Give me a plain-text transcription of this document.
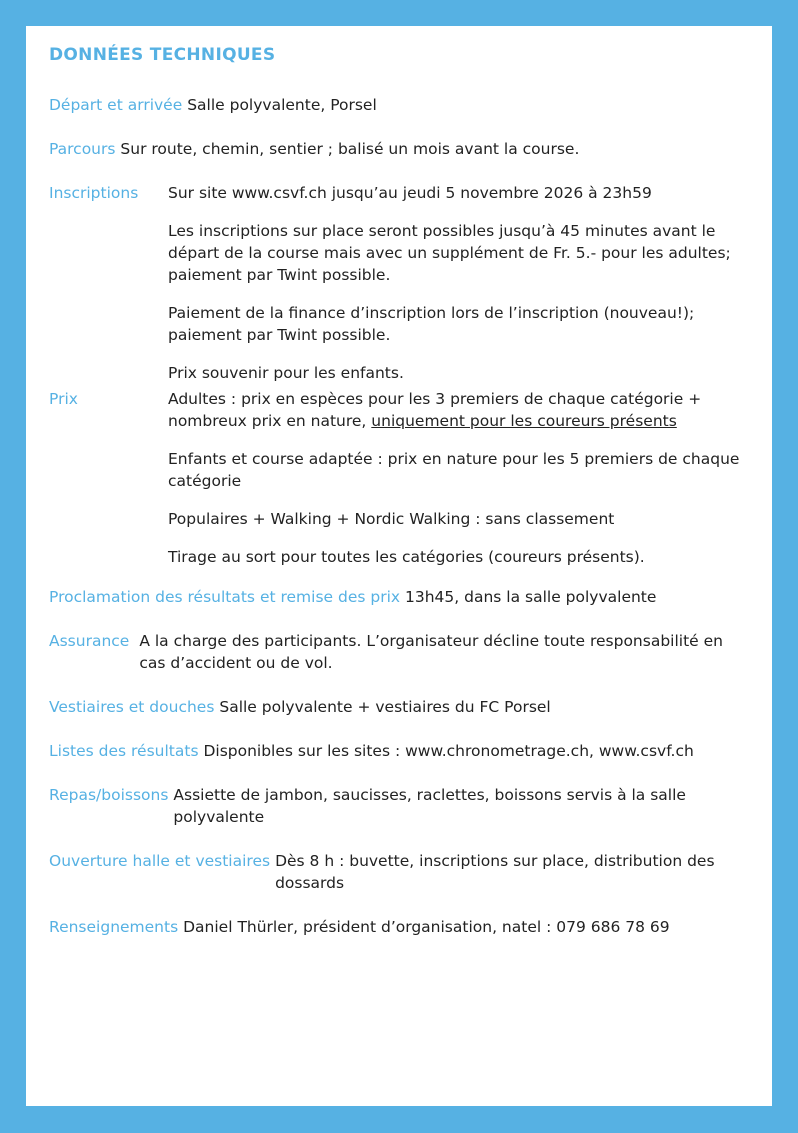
DONNÉES TECHNIQUES
Départ et arrivée Salle polyvalente, Porsel
Parcours Sur route, chemin, sentier ; balisé un mois avant la course.
Inscriptions	Sur site www.csvf.ch jusqu’au jeudi 5 novembre 2026 à 23h59

Les inscriptions sur place seront possibles jusqu’à 45 minutes avant le départ de la course mais avec un supplément de Fr. 5.- pour les adultes; paiement par Twint possible.

Paiement de la finance d’inscription lors de l’inscription (nouveau!); paiement par Twint possible.

Prix souvenir pour les enfants.

Prix	Adultes : prix en espèces pour les 3 premiers de chaque catégorie + nombreux prix en nature, uniquement pour les coureurs présents

Enfants et course adaptée : prix en nature pour les 5 premiers de chaque catégorie

Populaires + Walking + Nordic Walking : sans classement

Tirage au sort pour toutes les catégories (coureurs présents).

Proclamation des résultats et remise des prix 13h45, dans la salle polyvalente
Assurance A la charge des participants. L’organisateur décline toute responsabilité en cas d’accident ou de vol.
Vestiaires et douches Salle polyvalente + vestiaires du FC Porsel
Listes des résultats Disponibles sur les sites : www.chronometrage.ch, www.csvf.ch
Repas/boissons Assiette de jambon, saucisses, raclettes, boissons servis à la salle polyvalente
Ouverture halle et vestiaires Dès 8 h : buvette, inscriptions sur place, distribution des dossards
Renseignements Daniel Thürler, président d’organisation, natel : 079 686 78 69
